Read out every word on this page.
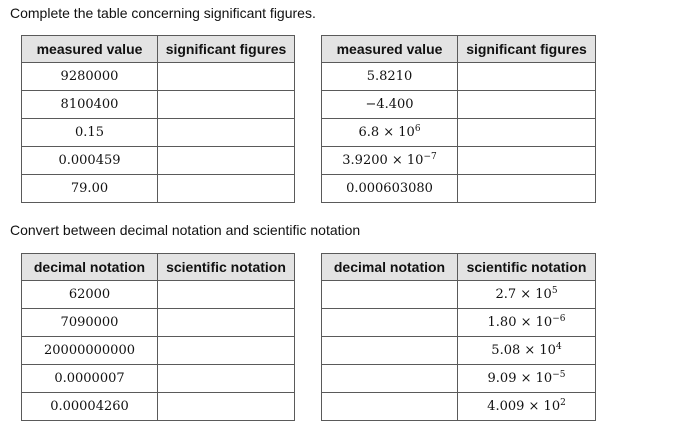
Complete the table concerning significant figures.
measured value	significant figures
9280000	
8100400	
0.15	
0.000459	
79.00	
measured value	significant figures
5.8210	
−4.400	
$6.8 \times 10^6$	
$3.9200 \times 10^{-7}$	
0.000603080	
Convert between decimal notation and scientific notation
decimal notation	scientific notation
62000	
7090000	
20000000000	
0.0000007	
0.00004260	
decimal notation	scientific notation
	$2.7 \times 10^5$
	$1.80 \times 10^{-6}$
	$5.08 \times 10^4$
	$9.09 \times 10^{-5}$
	$4.009 \times 10^2$
